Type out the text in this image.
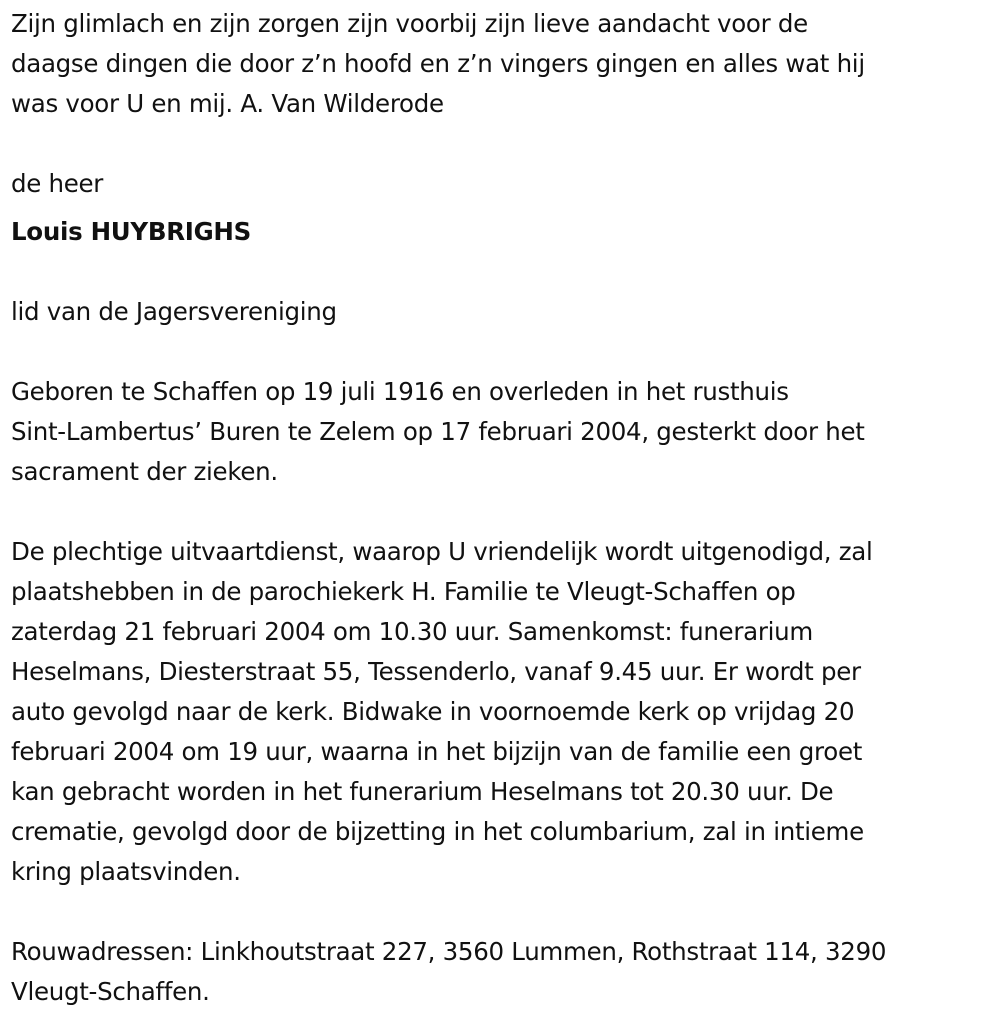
Zijn glimlach en zijn zorgen zijn voorbij zijn lieve aandacht voor de
daagse dingen die door z’n hoofd en z’n vingers gingen en alles wat hij
was voor U en mij. A. Van Wilderode

de heer

Louis HUYBRIGHS

lid van de Jagersvereniging

Geboren te Schaffen op 19 juli 1916 en overleden in het rusthuis
Sint-Lambertus’ Buren te Zelem op 17 februari 2004, gesterkt door het
sacrament der zieken.

De plechtige uitvaartdienst, waarop U vriendelijk wordt uitgenodigd, zal
plaatshebben in de parochiekerk H. Familie te Vleugt-Schaffen op
zaterdag 21 februari 2004 om 10.30 uur. Samenkomst: funerarium
Heselmans, Diesterstraat 55, Tessenderlo, vanaf 9.45 uur. Er wordt per
auto gevolgd naar de kerk. Bidwake in voornoemde kerk op vrijdag 20
februari 2004 om 19 uur, waarna in het bijzijn van de familie een groet
kan gebracht worden in het funerarium Heselmans tot 20.30 uur. De
crematie, gevolgd door de bijzetting in het columbarium, zal in intieme
kring plaatsvinden.

Rouwadressen: Linkhoutstraat 227, 3560 Lummen, Rothstraat 114, 3290
Vleugt-Schaffen.
